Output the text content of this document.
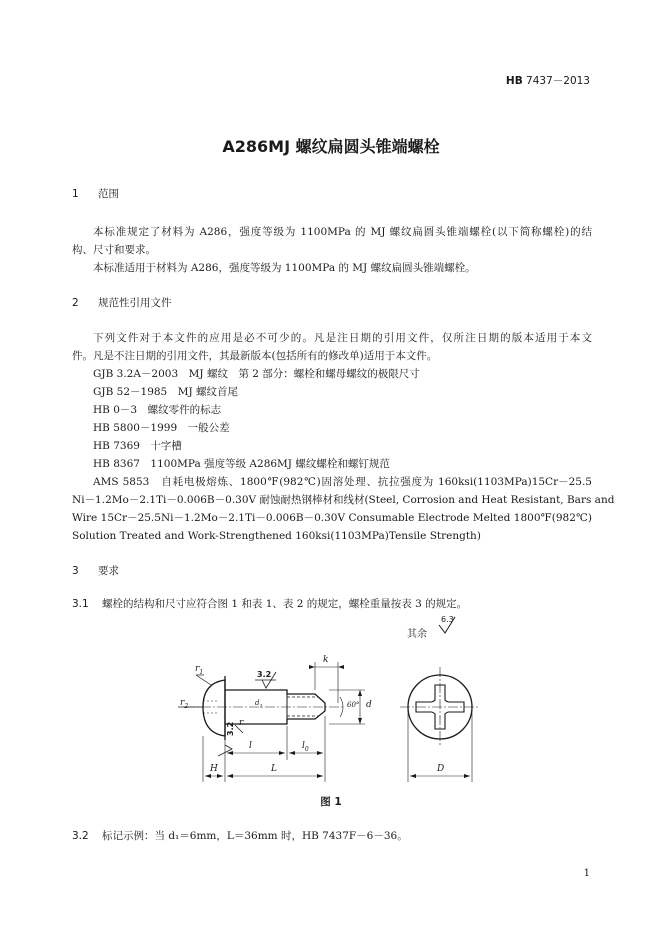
HB 7437－2013
A286MJ 螺纹扁圆头锥端螺栓
1 范围
本标准规定了材料为 A286，强度等级为 1100MPa 的 MJ 螺纹扁圆头锥端螺栓(以下简称螺栓)的结
构、尺寸和要求。
本标准适用于材料为 A286，强度等级为 1100MPa 的 MJ 螺纹扁圆头锥端螺栓。
2 规范性引用文件
下列文件对于本文件的应用是必不可少的。凡是注日期的引用文件，仅所注日期的版本适用于本文
件。凡是不注日期的引用文件，其最新版本(包括所有的修改单)适用于本文件。
GJB 3.2A－2003　MJ 螺纹　第 2 部分：螺栓和螺母螺纹的极限尺寸
GJB 52－1985　MJ 螺纹首尾
HB 0－3　螺纹零件的标志
HB 5800－1999　一般公差
HB 7369　十字槽
HB 8367　1100MPa 强度等级 A286MJ 螺纹螺栓和螺钉规范
AMS 5853　自耗电极熔炼、1800℉(982℃)固溶处理、抗拉强度为 160ksi(1103MPa)15Cr－25.5
Ni－1.2Mo－2.1Ti－0.006B－0.30V 耐蚀耐热钢棒材和线材(Steel, Corrosion and Heat Resistant, Bars and
Wire 15Cr－25.5Ni－1.2Mo－2.1Ti－0.006B－0.30V Consumable Electrode Melted 1800℉(982℃)
Solution Treated and Work-Strengthened 160ksi(1103MPa)Tensile Strength)
3 要求
3.1 螺栓的结构和尺寸应符合图 1 和表 1、表 2 的规定，螺栓重量按表 3 的规定。
其余
6.3
$r_1$
$r_2$
3.2
3.2
$d_1$
r
k
60° d
l	$l_0$
H	L	D
图 1
3.2 标记示例：当 d₁＝6mm，L＝36mm 时，HB 7437F－6－36。
1
